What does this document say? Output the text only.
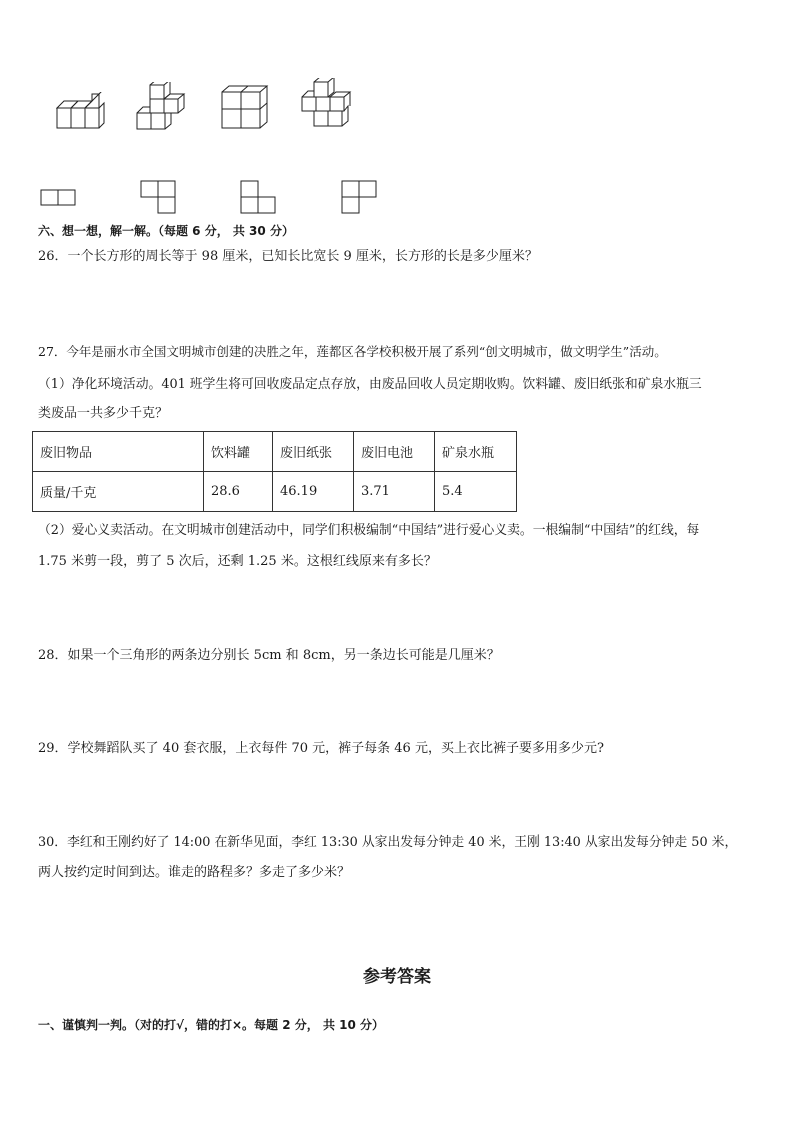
六、想一想，解一解。（每题 6 分， 共 30 分）
26．一个长方形的周长等于 98 厘米，已知长比宽长 9 厘米，长方形的长是多少厘米？
27．今年是丽水市全国文明城市创建的决胜之年，莲都区各学校积极开展了系列“创文明城市，做文明学生”活动。
（1）净化环境活动。401 班学生将可回收废品定点存放，由废品回收人员定期收购。饮料罐、废旧纸张和矿泉水瓶三
类废品一共多少千克？
废旧物品	饮料罐	废旧纸张	废旧电池	矿泉水瓶
质量/千克	28.6	46.19	3.71	5.4
（2）爱心义卖活动。在文明城市创建活动中，同学们积极编制“中国结”进行爱心义卖。一根编制“中国结”的红线，每
1.75 米剪一段，剪了 5 次后，还剩 1.25 米。这根红线原来有多长？
28．如果一个三角形的两条边分别长 5cm 和 8cm，另一条边长可能是几厘米？
29．学校舞蹈队买了 40 套衣服，上衣每件 70 元，裤子每条 46 元，买上衣比裤子要多用多少元?
30．李红和王刚约好了 14:00 在新华见面，李红 13:30 从家出发每分钟走 40 米，王刚 13:40 从家出发每分钟走 50 米，
两人按约定时间到达。谁走的路程多？多走了多少米？
参考答案
一、谨慎判一判。（对的打√，错的打×。每题 2 分， 共 10 分）
